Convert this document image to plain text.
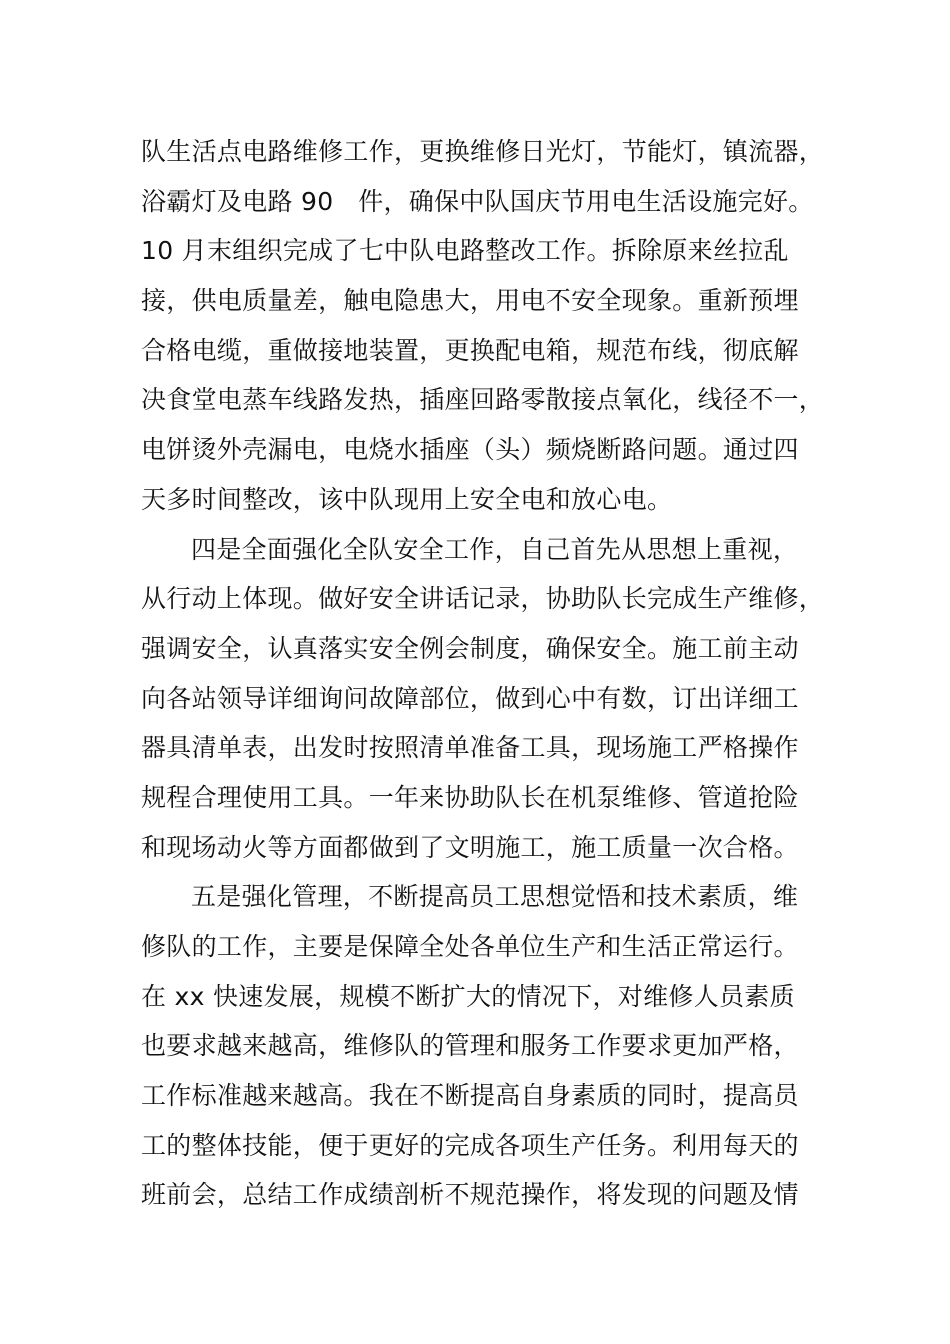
队生活点电路维修工作，更换维修日光灯，节能灯，镇流器，
浴霸灯及电路 90   件，确保中队国庆节用电生活设施完好。
10 月末组织完成了七中队电路整改工作。拆除原来丝拉乱
接，供电质量差，触电隐患大，用电不安全现象。重新预埋
合格电缆，重做接地装置，更换配电箱，规范布线，彻底解
决食堂电蒸车线路发热，插座回路零散接点氧化，线径不一，
电饼烫外壳漏电，电烧水插座（头）频烧断路问题。通过四
天多时间整改，该中队现用上安全电和放心电。
四是全面强化全队安全工作，自己首先从思想上重视，
从行动上体现。做好安全讲话记录，协助队长完成生产维修，
强调安全，认真落实安全例会制度，确保安全。施工前主动
向各站领导详细询问故障部位，做到心中有数，订出详细工
器具清单表，出发时按照清单准备工具，现场施工严格操作
规程合理使用工具。一年来协助队长在机泵维修、管道抢险
和现场动火等方面都做到了文明施工，施工质量一次合格。
五是强化管理，不断提高员工思想觉悟和技术素质，维
修队的工作，主要是保障全处各单位生产和生活正常运行。
在 xx 快速发展，规模不断扩大的情况下，对维修人员素质
也要求越来越高，维修队的管理和服务工作要求更加严格，
工作标准越来越高。我在不断提高自身素质的同时，提高员
工的整体技能，便于更好的完成各项生产任务。利用每天的
班前会，总结工作成绩剖析不规范操作，将发现的问题及情
